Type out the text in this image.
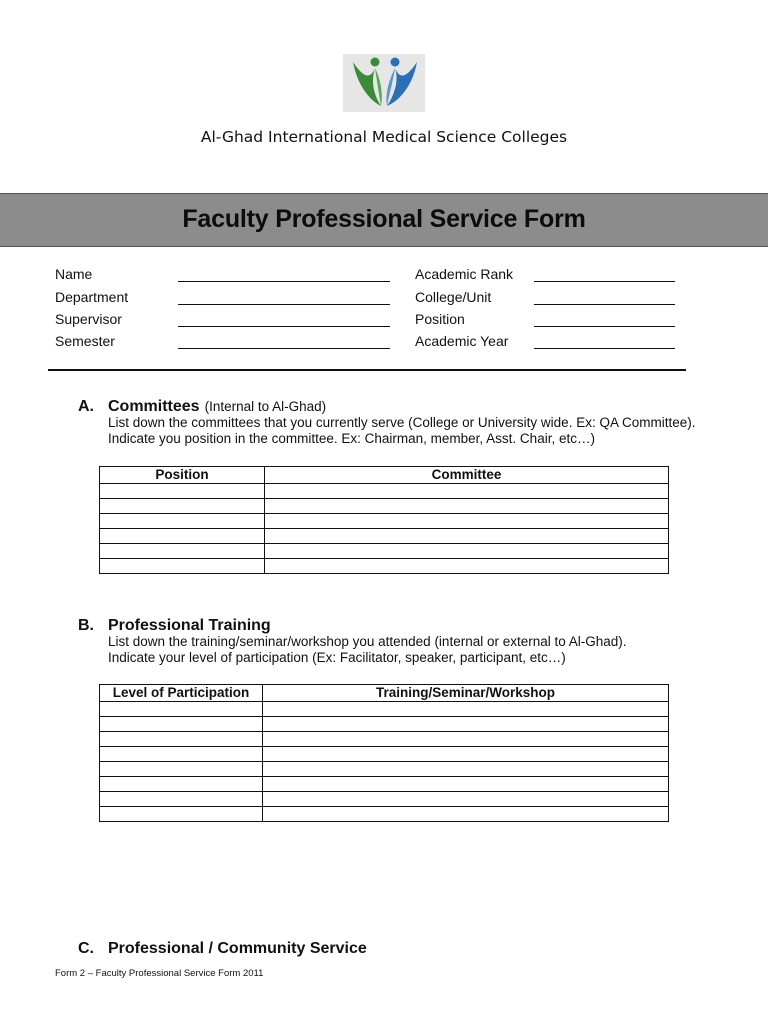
Al-Ghad International Medical Science Colleges
Faculty Professional Service Form
Name
Department
Supervisor
Semester
Academic Rank
College/Unit
Position
Academic Year
A. Committees (Internal to Al-Ghad)
List down the committees that you currently serve (College or University wide. Ex: QA Committee).
Indicate you position in the committee. Ex: Chairman, member, Asst. Chair, etc…)
Position	Committee

B. Professional Training
List down the training/seminar/workshop you attended (internal or external to Al-Ghad).
Indicate your level of participation (Ex: Facilitator, speaker, participant, etc…)
Level of Participation	Training/Seminar/Workshop

C. Professional / Community Service
Form 2 – Faculty Professional Service Form 2011
